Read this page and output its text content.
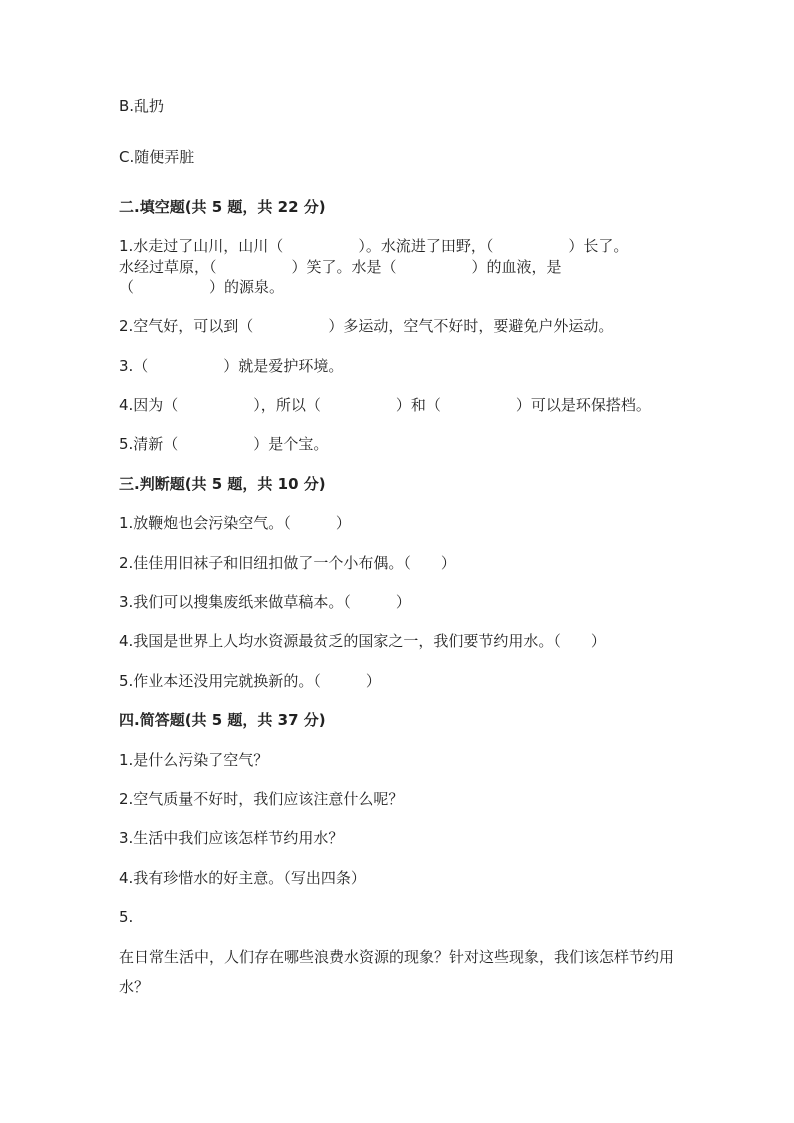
B.乱扔
C.随便弄脏
二.填空题(共 5 题，共 22 分)
1.水走过了山川，山川（　　　　　）。水流进了田野，（　　　　　）长了。
水经过草原，（　　　　　）笑了。水是（　　　　　）的血液，是
（　　　　　）的源泉。
2.空气好，可以到（　　　　　）多运动，空气不好时，要避免户外运动。
3.（　　　　　）就是爱护环境。
4.因为（　　　　　），所以（　　　　　）和（　　　　　）可以是环保搭档。
5.清新（　　　　　）是个宝。
三.判断题(共 5 题，共 10 分)
1.放鞭炮也会污染空气。（　　　）
2.佳佳用旧袜子和旧纽扣做了一个小布偶。（　　）
3.我们可以搜集废纸来做草稿本。（　　　）
4.我国是世界上人均水资源最贫乏的国家之一，我们要节约用水。（　　）
5.作业本还没用完就换新的。（　　　）
四.简答题(共 5 题，共 37 分)
1.是什么污染了空气？
2.空气质量不好时，我们应该注意什么呢？
3.生活中我们应该怎样节约用水？
4.我有珍惜水的好主意。（写出四条）
5.
在日常生活中，人们存在哪些浪费水资源的现象？针对这些现象，我们该怎样节约用水？
